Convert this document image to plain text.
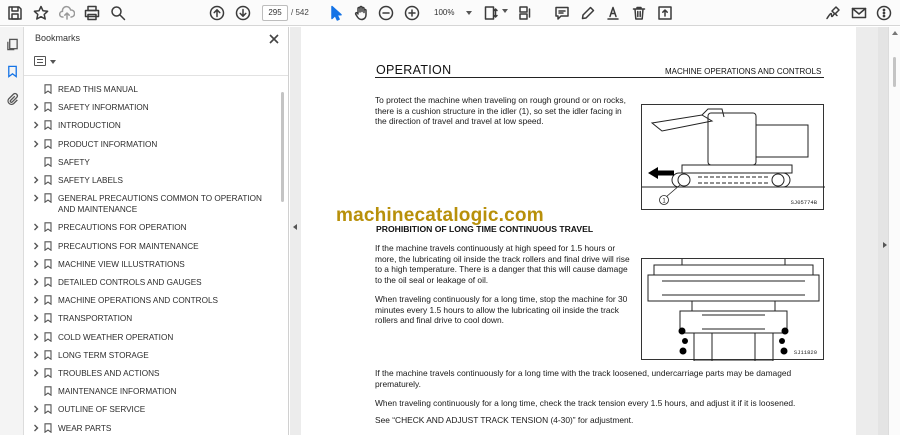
295	/ 542	100%
Bookmarks
READ THIS MANUAL
SAFETY INFORMATION
INTRODUCTION
PRODUCT INFORMATION
SAFETY
SAFETY LABELS
GENERAL PRECAUTIONS COMMON TO OPERATION AND MAINTENANCE
PRECAUTIONS FOR OPERATION
PRECAUTIONS FOR MAINTENANCE
MACHINE VIEW ILLUSTRATIONS
DETAILED CONTROLS AND GAUGES
MACHINE OPERATIONS AND CONTROLS
TRANSPORTATION
COLD WEATHER OPERATION
LONG TERM STORAGE
TROUBLES AND ACTIONS
MAINTENANCE INFORMATION
OUTLINE OF SERVICE
WEAR PARTS
OPERATION	MACHINE OPERATIONS AND CONTROLS
To protect the machine when traveling on rough ground or on rocks, there is a cushion structure in the idler (1), so set the idler facing in the direction of travel and travel at low speed.
1	SJ05774B
machinecatalogic.com
PROHIBITION OF LONG TIME CONTINUOUS TRAVEL
If the machine travels continuously at high speed for 1.5 hours or more, the lubricating oil inside the track rollers and final drive will rise to a high temperature. There is a danger that this will cause damage to the oil seal or leakage of oil.
When traveling continuously for a long time, stop the machine for 30 minutes every 1.5 hours to allow the lubricating oil inside the track rollers and final drive to cool down.
SJ11820
If the machine travels continuously for a long time with the track loosened, undercarriage parts may be damaged prematurely.
When traveling continuously for a long time, check the track tension every 1.5 hours, and adjust it if it is loosened.
See “CHECK AND ADJUST TRACK TENSION (4-30)” for adjustment.
